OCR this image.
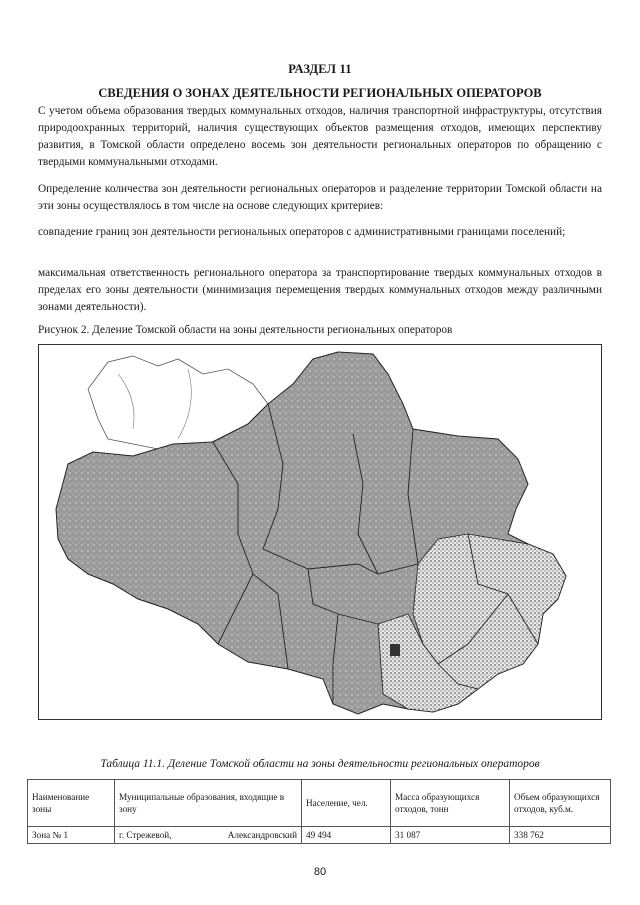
РАЗДЕЛ 11
СВЕДЕНИЯ О ЗОНАХ ДЕЯТЕЛЬНОСТИ РЕГИОНАЛЬНЫХ ОПЕРАТОРОВ

С учетом объема образования твердых коммунальных отходов, наличия транспортной инфраструктуры, отсутствия природоохранных территорий, наличия существующих объектов размещения отходов, имеющих перспективу развития, в Томской области определено восемь зон деятельности региональных операторов по обращению с твердыми коммунальными отходами.

Определение количества зон деятельности региональных операторов и разделение территории Томской области на эти зоны осуществлялось в том числе на основе следующих критериев:

совпадение границ зон деятельности региональных операторов с административными границами поселений;

максимальная ответственность регионального оператора за транспортирование твердых коммунальных отходов в пределах его зоны деятельности (минимизация перемещения твердых коммунальных отходов между различными зонами деятельности).

Рисунок 2. Деление Томской области на зоны деятельности региональных операторов
Таблица 11.1. Деление Томской области на зоны деятельности региональных операторов
Наименование зоны	Муниципальные образования, входящие в зону	Население, чел.	Масса образующихся отходов, тонн	Объем образующихся отходов, куб.м.
Зона № 1	г. Стрежевой, Александровский	49 494	31 087	338 762
80
